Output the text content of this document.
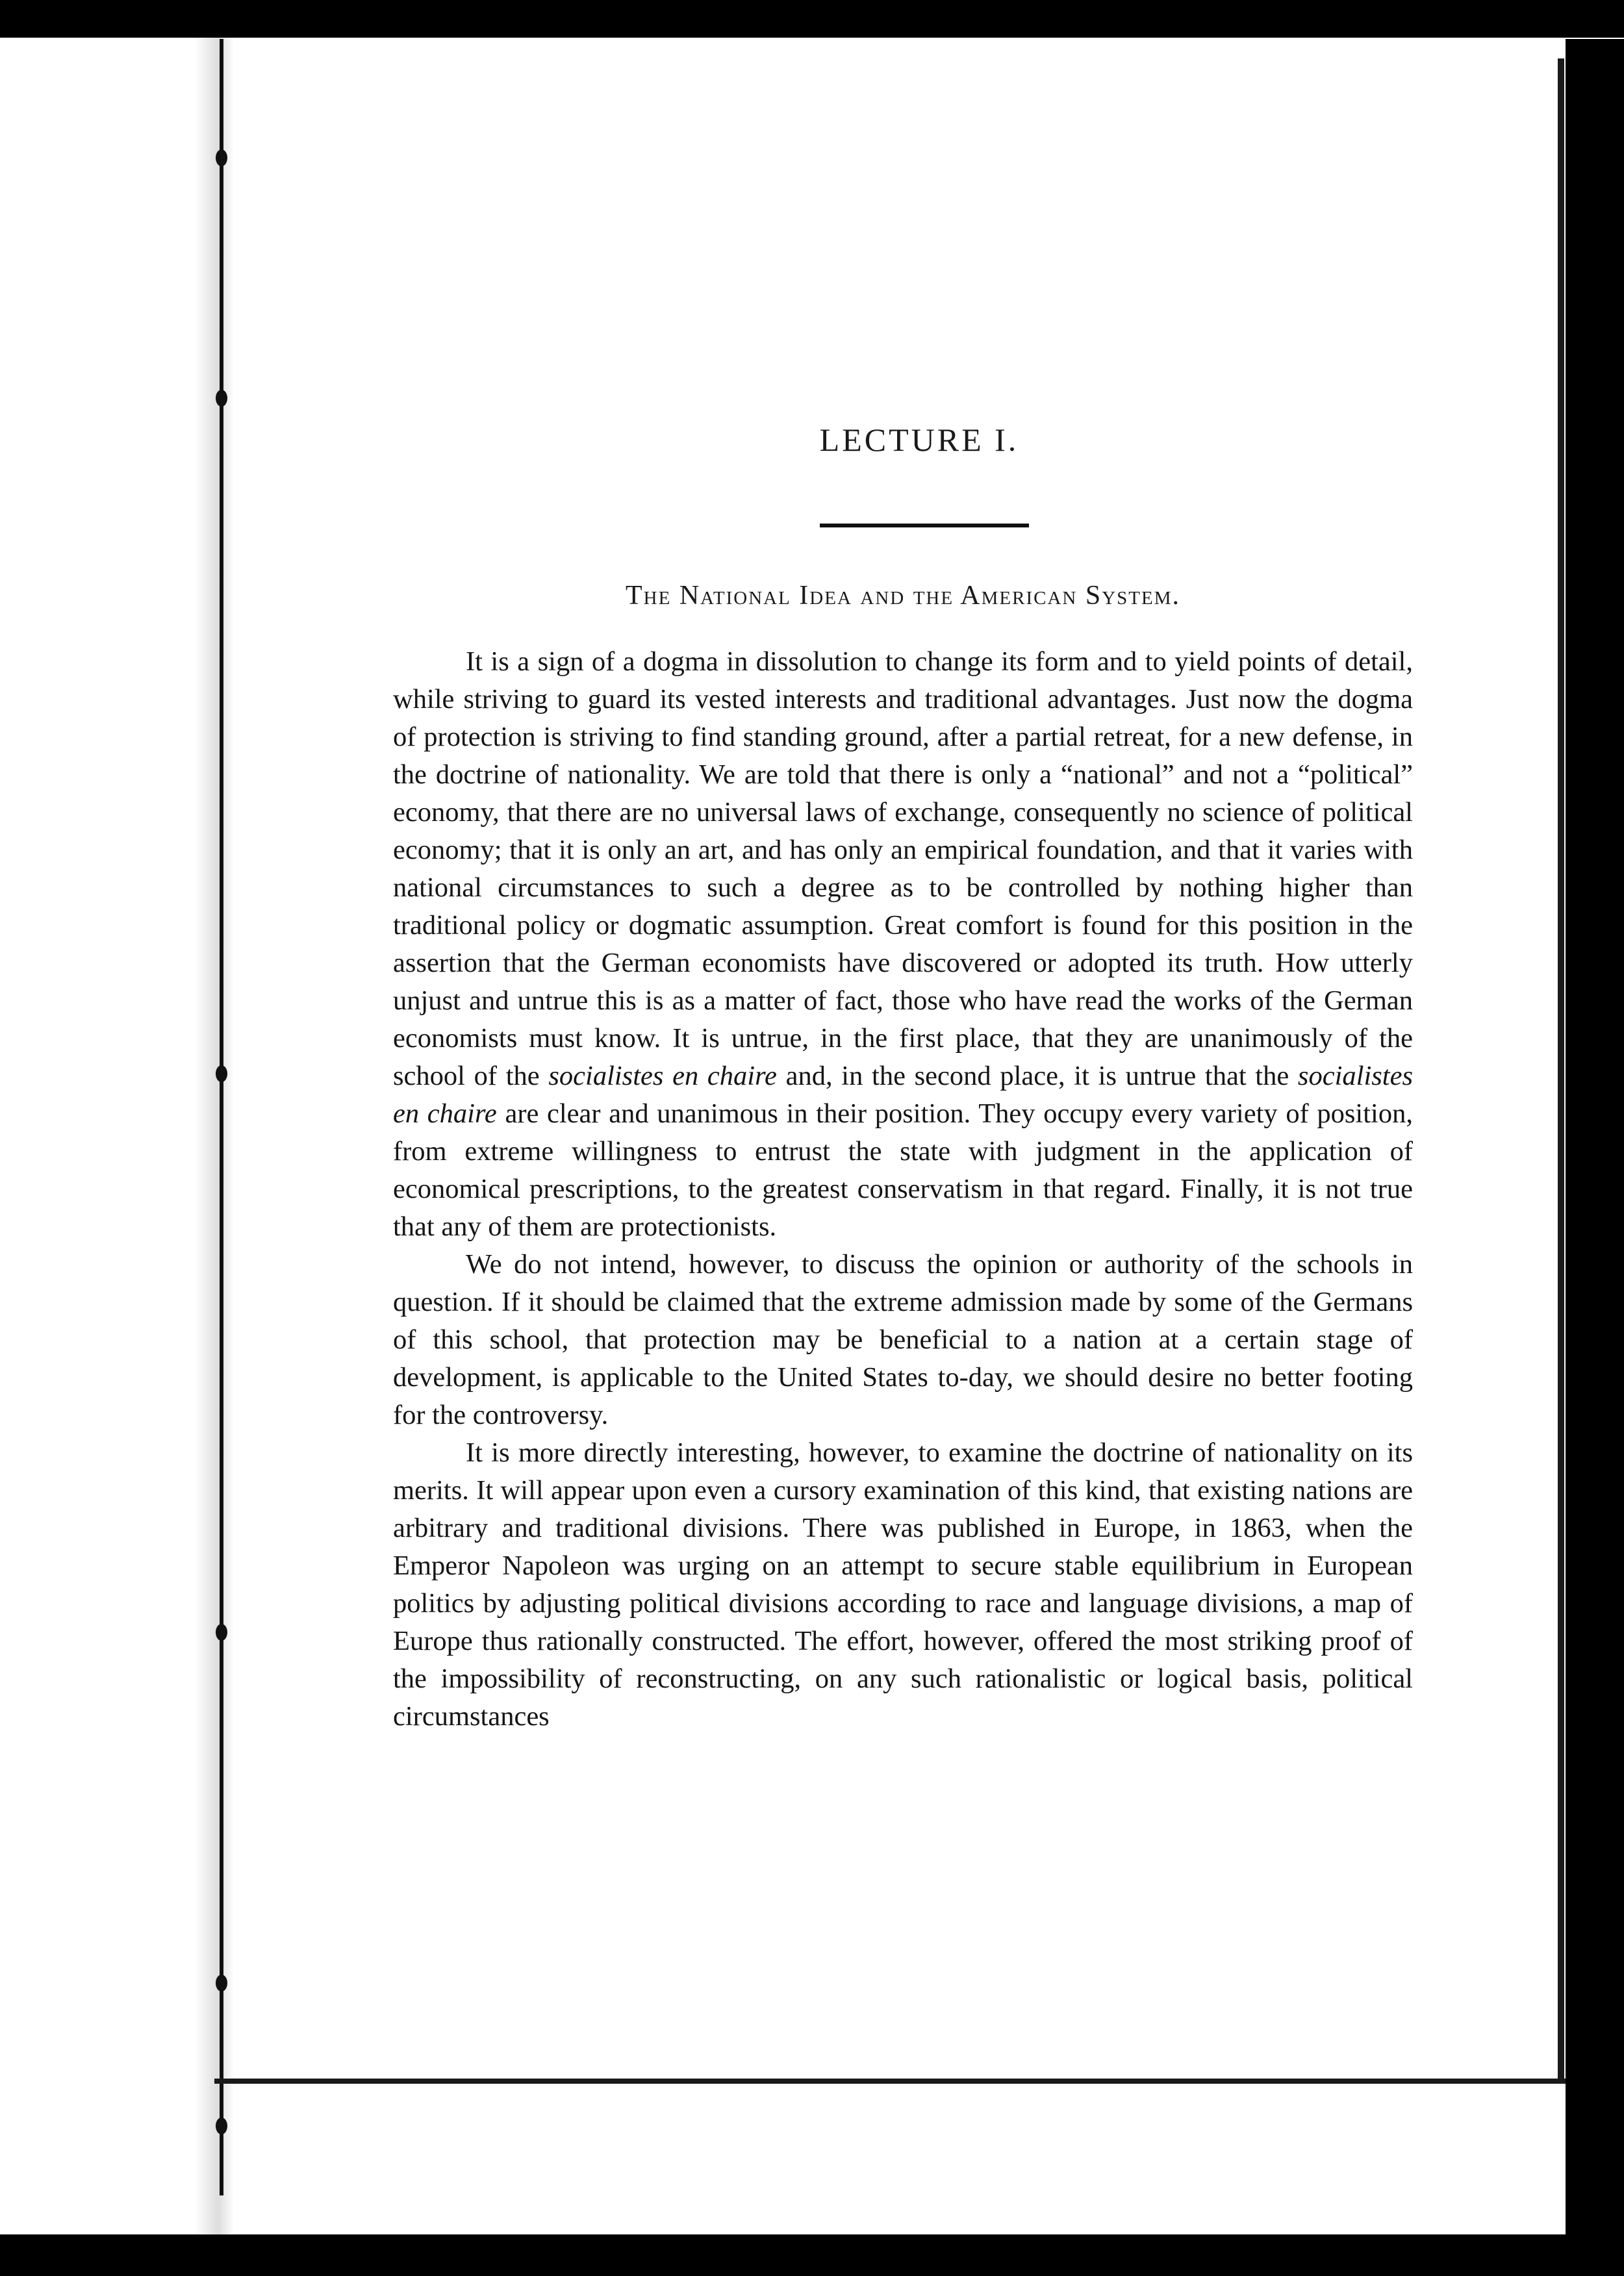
LECTURE I.
The National Idea and the American System.

It is a sign of a dogma in dissolution to change its form and to yield points of detail, while striving to guard its vested interests and traditional advantages. Just now the dogma of protection is striving to find standing ground, after a partial retreat, for a new defense, in the doctrine of nationality. We are told that there is only a “national” and not a “political” economy, that there are no universal laws of exchange, consequently no science of political economy; that it is only an art, and has only an empirical foundation, and that it varies with national circumstances to such a degree as to be controlled by nothing higher than traditional policy or dogmatic assumption. Great comfort is found for this position in the assertion that the German economists have discovered or adopted its truth. How utterly unjust and untrue this is as a matter of fact, those who have read the works of the German economists must know. It is untrue, in the first place, that they are unanimously of the school of the socialistes en chaire and, in the second place, it is untrue that the socialistes en chaire are clear and unanimous in their position. They occupy every variety of position, from extreme willingness to entrust the state with judgment in the application of economical prescriptions, to the greatest conservatism in that regard. Finally, it is not true that any of them are protectionists.

We do not intend, however, to discuss the opinion or authority of the schools in question. If it should be claimed that the extreme admission made by some of the Germans of this school, that protection may be beneficial to a nation at a certain stage of development, is applicable to the United States to-day, we should desire no better footing for the controversy.

It is more directly interesting, however, to examine the doctrine of nationality on its merits. It will appear upon even a cursory examination of this kind, that existing nations are arbitrary and traditional divisions. There was published in Europe, in 1863, when the Emperor Napoleon was urging on an attempt to secure stable equilibrium in European politics by adjusting political divisions according to race and language divisions, a map of Europe thus rationally constructed. The effort, however, offered the most striking proof of the impossibility of reconstructing, on any such rationalistic or logical basis, political circumstances
